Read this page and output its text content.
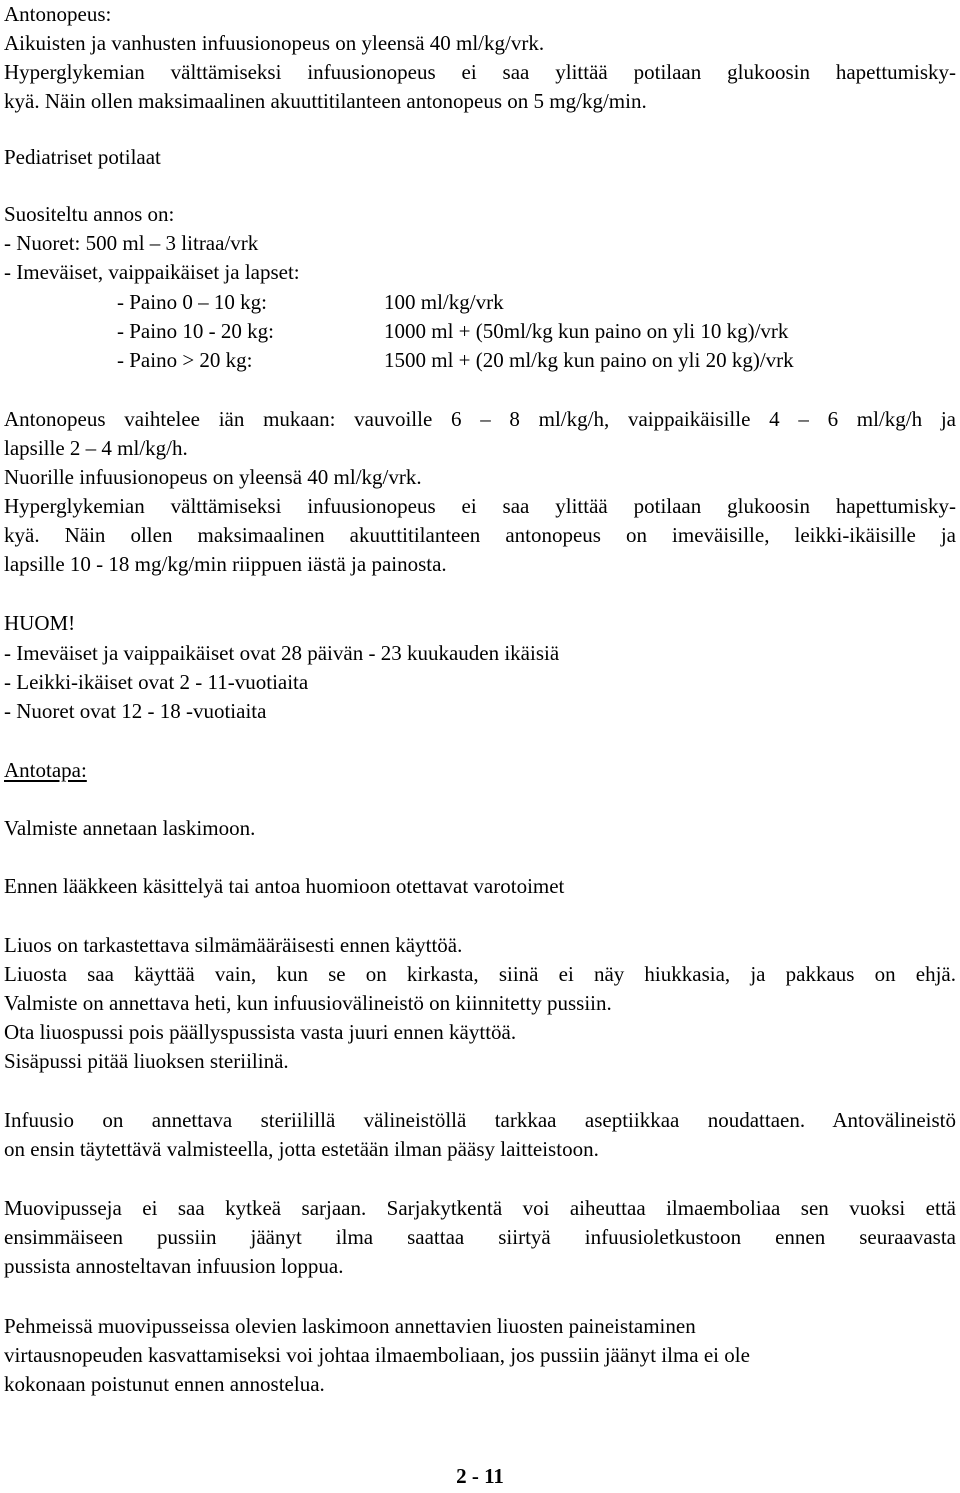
Antonopeus:
Aikuisten ja vanhusten infuusionopeus on yleensä 40 ml/kg/vrk.
Hyperglykemian välttämiseksi infuusionopeus ei saa ylittää potilaan glukoosin hapettumisky-
kyä. Näin ollen maksimaalinen akuuttitilanteen antonopeus on 5 mg/kg/min.
Pediatriset potilaat
Suositeltu annos on:
- Nuoret: 500 ml – 3 litraa/vrk
- Imeväiset, vaippaikäiset ja lapset:
- Paino 0 – 10 kg:	100 ml/kg/vrk
- Paino 10 - 20 kg:	1000 ml + (50ml/kg kun paino on yli 10 kg)/vrk
- Paino > 20 kg:	1500 ml + (20 ml/kg kun paino on yli 20 kg)/vrk
Antonopeus vaihtelee iän mukaan: vauvoille 6 – 8 ml/kg/h, vaippaikäisille 4 – 6 ml/kg/h ja
lapsille 2 – 4 ml/kg/h.
Nuorille infuusionopeus on yleensä 40 ml/kg/vrk.
Hyperglykemian välttämiseksi infuusionopeus ei saa ylittää potilaan glukoosin hapettumisky-
kyä. Näin ollen maksimaalinen akuuttitilanteen antonopeus on imeväisille, leikki-ikäisille ja
lapsille 10 - 18 mg/kg/min riippuen iästä ja painosta.
HUOM!
- Imeväiset ja vaippaikäiset ovat 28 päivän - 23 kuukauden ikäisiä
- Leikki-ikäiset ovat 2 - 11-vuotiaita
- Nuoret ovat 12 - 18 -vuotiaita
Antotapa:
Valmiste annetaan laskimoon.
Ennen lääkkeen käsittelyä tai antoa huomioon otettavat varotoimet
Liuos on tarkastettava silmämääräisesti ennen käyttöä.
Liuosta saa käyttää vain, kun se on kirkasta, siinä ei näy hiukkasia, ja pakkaus on ehjä.
Valmiste on annettava heti, kun infuusiovälineistö on kiinnitetty pussiin.
Ota liuospussi pois päällyspussista vasta juuri ennen käyttöä.
Sisäpussi pitää liuoksen steriilinä.
Infuusio on annettava steriilillä välineistöllä tarkkaa aseptiikkaa noudattaen. Antovälineistö
on ensin täytettävä valmisteella, jotta estetään ilman pääsy laitteistoon.
Muovipusseja ei saa kytkeä sarjaan. Sarjakytkentä voi aiheuttaa ilmaemboliaa sen vuoksi että
ensimmäiseen pussiin jäänyt ilma saattaa siirtyä infuusioletkustoon ennen seuraavasta
pussista annosteltavan infuusion loppua.
Pehmeissä muovipusseissa olevien laskimoon annettavien liuosten paineistaminen
virtausnopeuden kasvattamiseksi voi johtaa ilmaemboliaan, jos pussiin jäänyt ilma ei ole
kokonaan poistunut ennen annostelua.
2 - 11
